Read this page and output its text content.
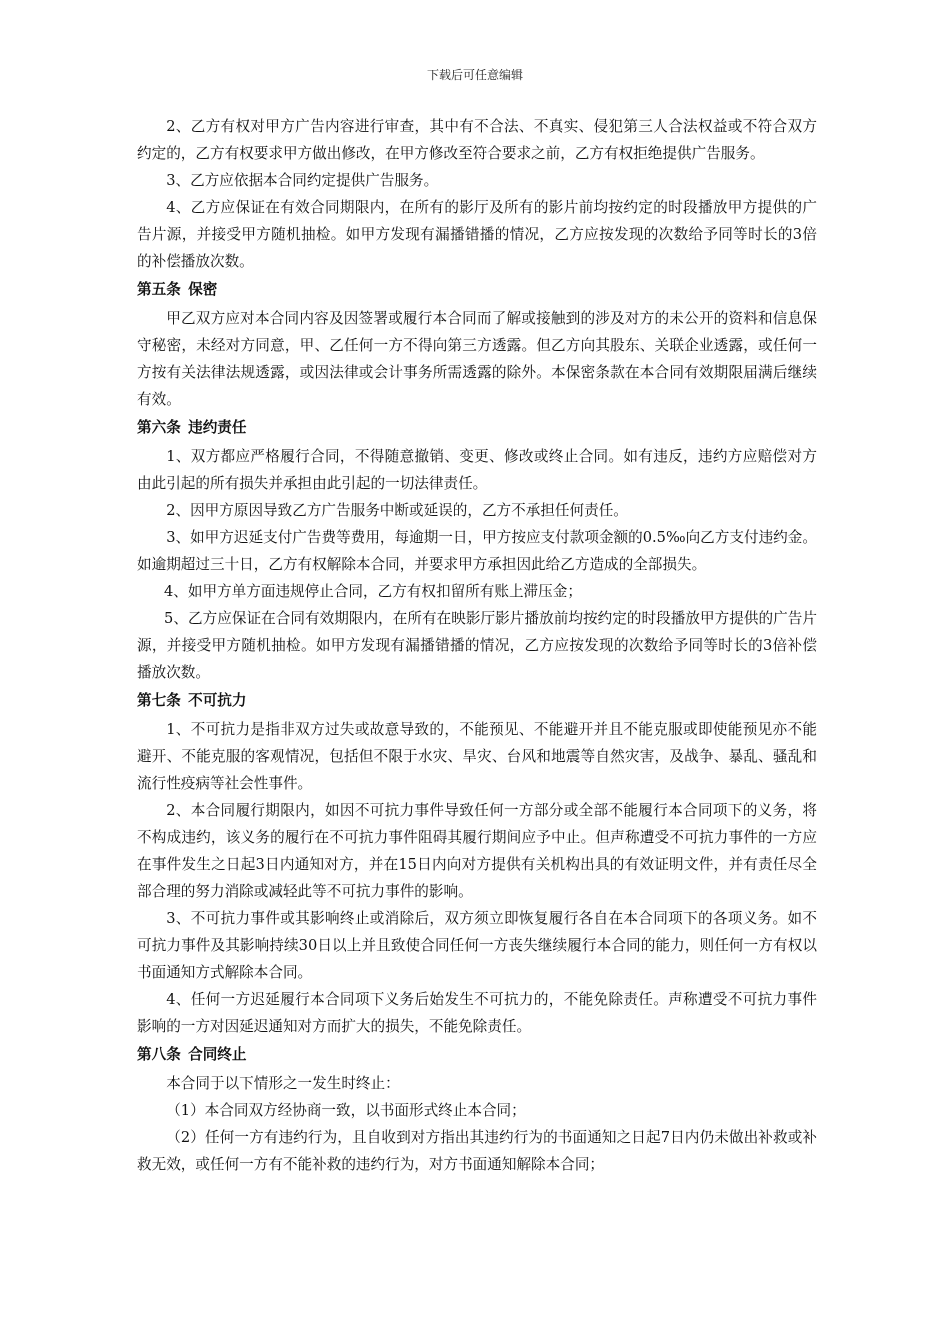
下载后可任意编辑

2、乙方有权对甲方广告内容进行审查，其中有不合法、不真实、侵犯第三人合法权益或不符合双方约定的，乙方有权要求甲方做出修改，在甲方修改至符合要求之前，乙方有权拒绝提供广告服务。

3、乙方应依据本合同约定提供广告服务。

4、乙方应保证在有效合同期限内，在所有的影厅及所有的影片前均按约定的时段播放甲方提供的广告片源，并接受甲方随机抽检。如甲方发现有漏播错播的情况，乙方应按发现的次数给予同等时长的3倍的补偿播放次数。

第五条 保密

甲乙双方应对本合同内容及因签署或履行本合同而了解或接触到的涉及对方的未公开的资料和信息保守秘密，未经对方同意，甲、乙任何一方不得向第三方透露。但乙方向其股东、关联企业透露，或任何一方按有关法律法规透露，或因法律或会计事务所需透露的除外。本保密条款在本合同有效期限届满后继续有效。

第六条 违约责任

1、双方都应严格履行合同，不得随意撤销、变更、修改或终止合同。如有违反，违约方应赔偿对方由此引起的所有损失并承担由此引起的一切法律责任。

2、因甲方原因导致乙方广告服务中断或延误的，乙方不承担任何责任。

3、如甲方迟延支付广告费等费用，每逾期一日，甲方按应支付款项金额的0.5‰向乙方支付违约金。如逾期超过三十日，乙方有权解除本合同，并要求甲方承担因此给乙方造成的全部损失。

4、如甲方单方面违规停止合同，乙方有权扣留所有账上滞压金；

5、乙方应保证在合同有效期限内，在所有在映影厅影片播放前均按约定的时段播放甲方提供的广告片源，并接受甲方随机抽检。如甲方发现有漏播错播的情况，乙方应按发现的次数给予同等时长的3倍补偿播放次数。

第七条 不可抗力

1、不可抗力是指非双方过失或故意导致的，不能预见、不能避开并且不能克服或即使能预见亦不能避开、不能克服的客观情况，包括但不限于水灾、旱灾、台风和地震等自然灾害，及战争、暴乱、骚乱和流行性疫病等社会性事件。

2、本合同履行期限内，如因不可抗力事件导致任何一方部分或全部不能履行本合同项下的义务，将不构成违约，该义务的履行在不可抗力事件阻碍其履行期间应予中止。但声称遭受不可抗力事件的一方应在事件发生之日起3日内通知对方，并在15日内向对方提供有关机构出具的有效证明文件，并有责任尽全部合理的努力消除或减轻此等不可抗力事件的影响。

3、不可抗力事件或其影响终止或消除后，双方须立即恢复履行各自在本合同项下的各项义务。如不可抗力事件及其影响持续30日以上并且致使合同任何一方丧失继续履行本合同的能力，则任何一方有权以书面通知方式解除本合同。

4、任何一方迟延履行本合同项下义务后始发生不可抗力的，不能免除责任。声称遭受不可抗力事件影响的一方对因延迟通知对方而扩大的损失，不能免除责任。

第八条 合同终止

本合同于以下情形之一发生时终止：

（1）本合同双方经协商一致，以书面形式终止本合同；

（2）任何一方有违约行为，且自收到对方指出其违约行为的书面通知之日起7日内仍未做出补救或补救无效，或任何一方有不能补救的违约行为，对方书面通知解除本合同；
